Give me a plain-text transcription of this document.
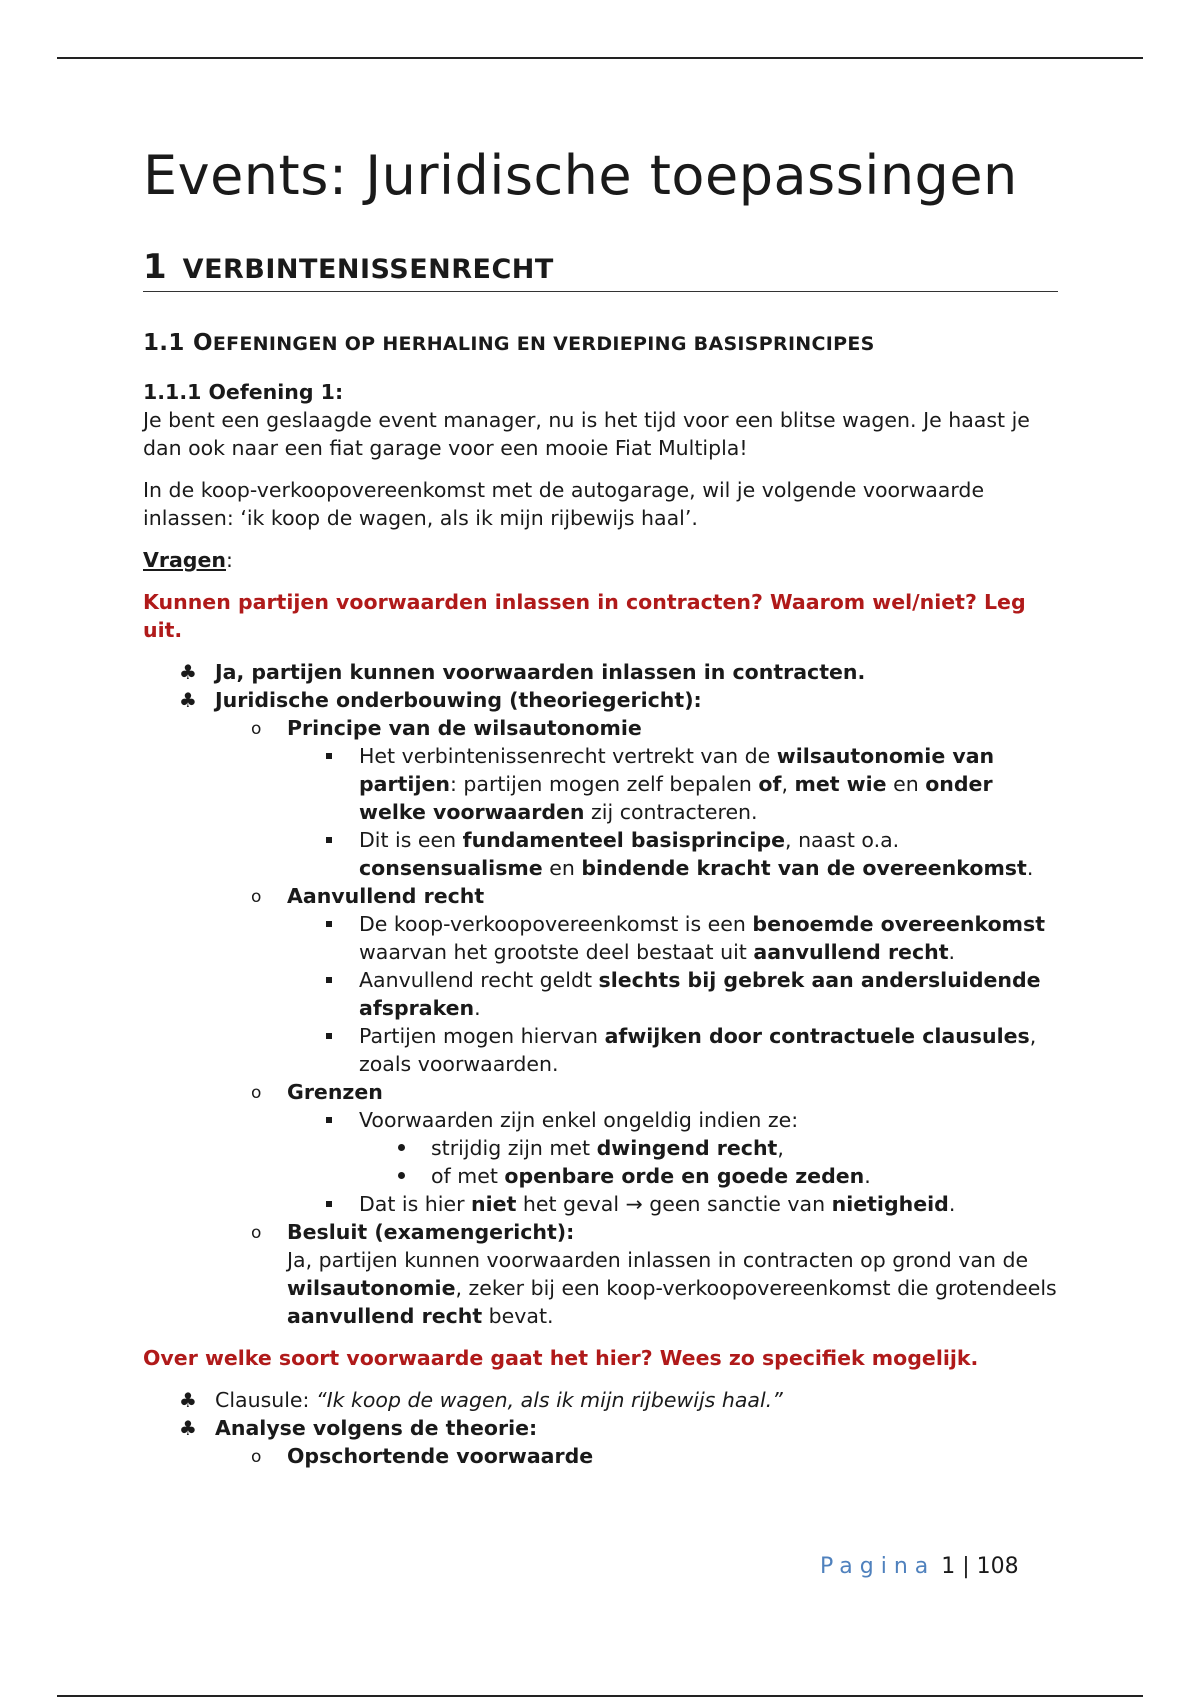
Events: Juridische toepassingen
1 VERBINTENISSENRECHT
1.1 OEFENINGEN OP HERHALING EN VERDIEPING BASISPRINCIPES
1.1.1 Oefening 1:

Je bent een geslaagde event manager, nu is het tijd voor een blitse wagen. Je haast je dan ook naar een fiat garage voor een mooie Fiat Multipla!

In de koop-verkoopovereenkomst met de autogarage, wil je volgende voorwaarde inlassen: ‘ik koop de wagen, als ik mijn rijbewijs haal’.

Vragen:

Kunnen partijen voorwaarden inlassen in contracten? Waarom wel/niet? Leg uit.

♣ Ja, partijen kunnen voorwaarden inlassen in contracten.
♣ Juridische onderbouwing (theoriegericht):
o Principe van de wilsautonomie
Het verbintenissenrecht vertrekt van de wilsautonomie van partijen: partijen mogen zelf bepalen of, met wie en onder welke voorwaarden zij contracteren.
Dit is een fundamenteel basisprincipe, naast o.a. consensualisme en bindende kracht van de overeenkomst.
o Aanvullend recht
De koop-verkoopovereenkomst is een benoemde overeenkomst waarvan het grootste deel bestaat uit aanvullend recht.
Aanvullend recht geldt slechts bij gebrek aan andersluidende afspraken.
Partijen mogen hiervan afwijken door contractuele clausules, zoals voorwaarden.
o Grenzen
Voorwaarden zijn enkel ongeldig indien ze:
strijdig zijn met dwingend recht,
of met openbare orde en goede zeden.
Dat is hier niet het geval → geen sanctie van nietigheid.
o Besluit (examengericht):
Ja, partijen kunnen voorwaarden inlassen in contracten op grond van de wilsautonomie, zeker bij een koop-verkoopovereenkomst die grotendeels aanvullend recht bevat.

Over welke soort voorwaarde gaat het hier? Wees zo specifiek mogelijk.

♣ Clausule: “Ik koop de wagen, als ik mijn rijbewijs haal.”
♣ Analyse volgens de theorie:
o Opschortende voorwaarde
Pagina 1 | 108
